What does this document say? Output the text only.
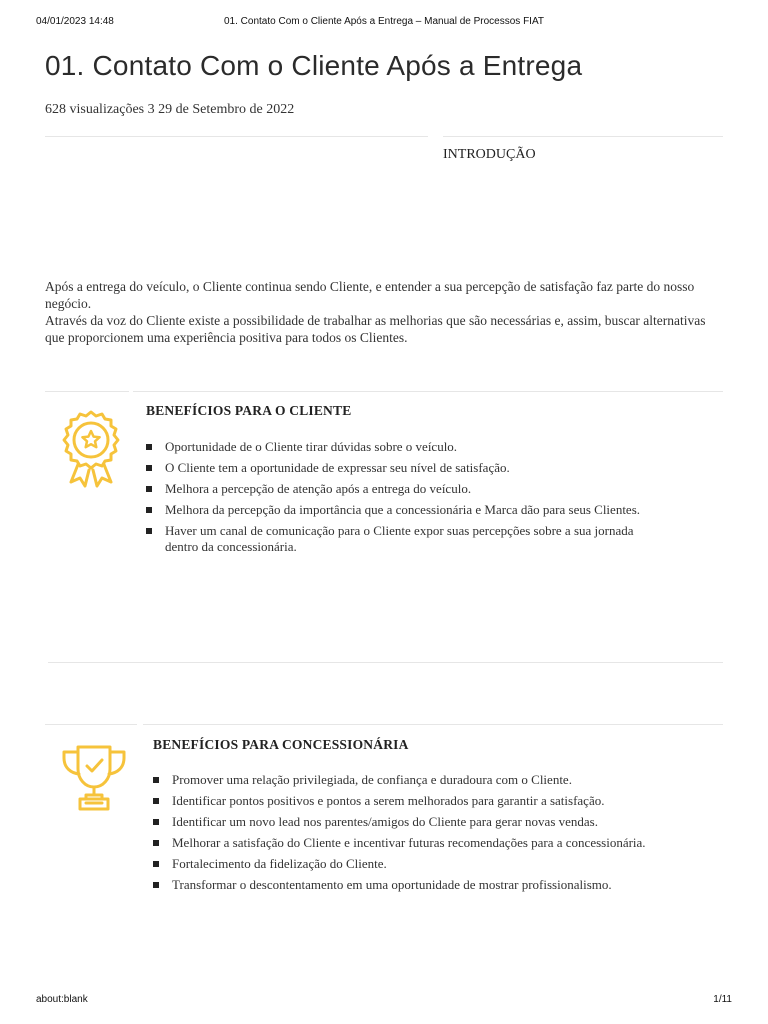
04/01/2023 14:48	01. Contato Com o Cliente Após a Entrega – Manual de Processos FIAT
01. Contato Com o Cliente Após a Entrega
628 visualizações 3 29 de Setembro de 2022
INTRODUÇÃO

Após a entrega do veículo, o Cliente continua sendo Cliente, e entender a sua percepção de satisfação faz parte do nosso negócio.

Através da voz do Cliente existe a possibilidade de trabalhar as melhorias que são necessárias e, assim, buscar alternativas que proporcionem uma experiência positiva para todos os Clientes.

BENEFÍCIOS PARA O CLIENTE
Oportunidade de o Cliente tirar dúvidas sobre o veículo.
O Cliente tem a oportunidade de expressar seu nível de satisfação.
Melhora a percepção de atenção após a entrega do veículo.
Melhora da percepção da importância que a concessionária e Marca dão para seus Clientes.
Haver um canal de comunicação para o Cliente expor suas percepções sobre a sua jornada
dentro da concessionária.
BENEFÍCIOS PARA CONCESSIONÁRIA
Promover uma relação privilegiada, de confiança e duradoura com o Cliente.
Identificar pontos positivos e pontos a serem melhorados para garantir a satisfação.
Identificar um novo lead nos parentes/amigos do Cliente para gerar novas vendas.
Melhorar a satisfação do Cliente e incentivar futuras recomendações para a concessionária.
Fortalecimento da fidelização do Cliente.
Transformar o descontentamento em uma oportunidade de mostrar profissionalismo.
about:blank	1/11
